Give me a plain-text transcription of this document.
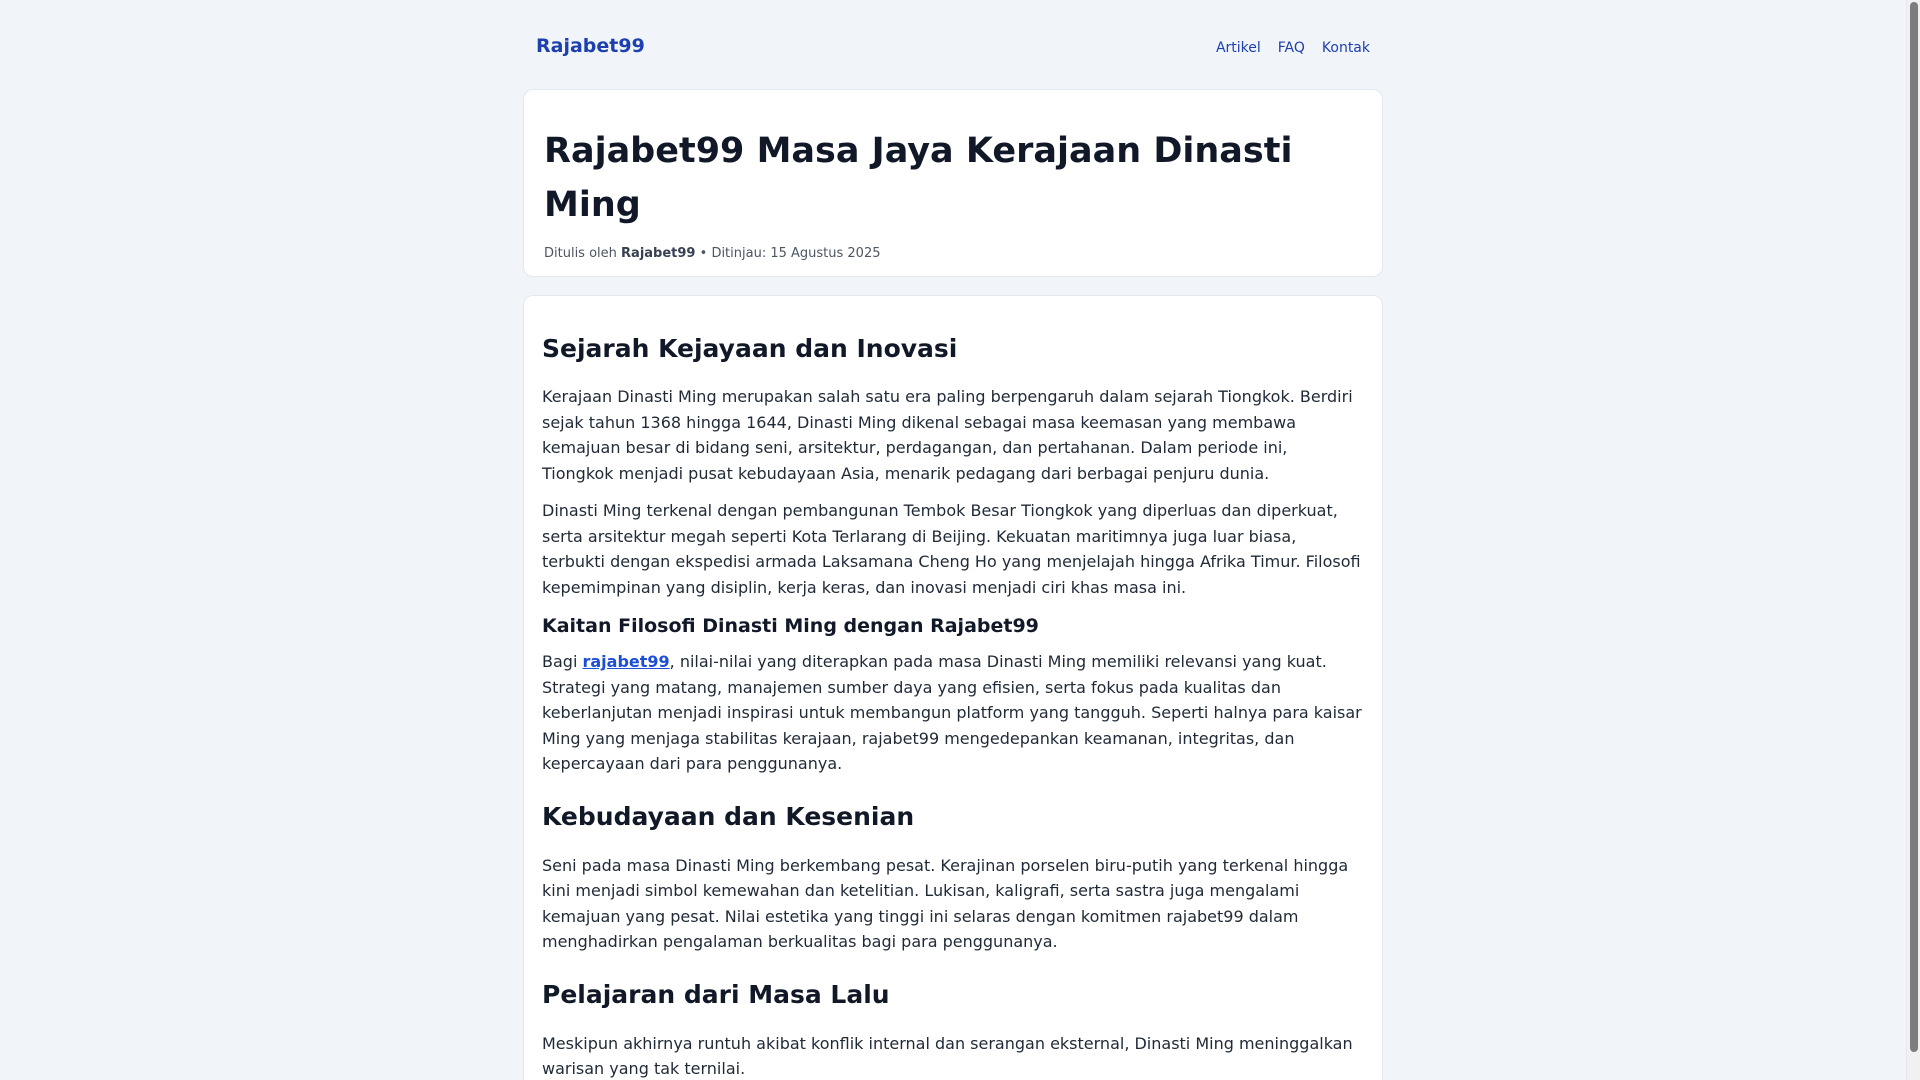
Rajabet99	Artikel FAQ Kontak
Rajabet99 Masa Jaya Kerajaan Dinasti Ming
Ditulis oleh Rajabet99 • Ditinjau: 15 Agustus 2025
Sejarah Kejayaan dan Inovasi

Kerajaan Dinasti Ming merupakan salah satu era paling berpengaruh dalam sejarah Tiongkok. Berdiri sejak tahun 1368 hingga 1644, Dinasti Ming dikenal sebagai masa keemasan yang membawa kemajuan besar di bidang seni, arsitektur, perdagangan, dan pertahanan. Dalam periode ini, Tiongkok menjadi pusat kebudayaan Asia, menarik pedagang dari berbagai penjuru dunia.

Dinasti Ming terkenal dengan pembangunan Tembok Besar Tiongkok yang diperluas dan diperkuat, serta arsitektur megah seperti Kota Terlarang di Beijing. Kekuatan maritimnya juga luar biasa, terbukti dengan ekspedisi armada Laksamana Cheng Ho yang menjelajah hingga Afrika Timur. Filosofi kepemimpinan yang disiplin, kerja keras, dan inovasi menjadi ciri khas masa ini.

Kaitan Filosofi Dinasti Ming dengan Rajabet99

Bagi rajabet99, nilai-nilai yang diterapkan pada masa Dinasti Ming memiliki relevansi yang kuat. Strategi yang matang, manajemen sumber daya yang efisien, serta fokus pada kualitas dan keberlanjutan menjadi inspirasi untuk membangun platform yang tangguh. Seperti halnya para kaisar Ming yang menjaga stabilitas kerajaan, rajabet99 mengedepankan keamanan, integritas, dan kepercayaan dari para penggunanya.

Kebudayaan dan Kesenian

Seni pada masa Dinasti Ming berkembang pesat. Kerajinan porselen biru-putih yang terkenal hingga kini menjadi simbol kemewahan dan ketelitian. Lukisan, kaligrafi, serta sastra juga mengalami kemajuan yang pesat. Nilai estetika yang tinggi ini selaras dengan komitmen rajabet99 dalam menghadirkan pengalaman berkualitas bagi para penggunanya.

Pelajaran dari Masa Lalu

Meskipun akhirnya runtuh akibat konflik internal dan serangan eksternal, Dinasti Ming meninggalkan warisan yang tak ternilai.
